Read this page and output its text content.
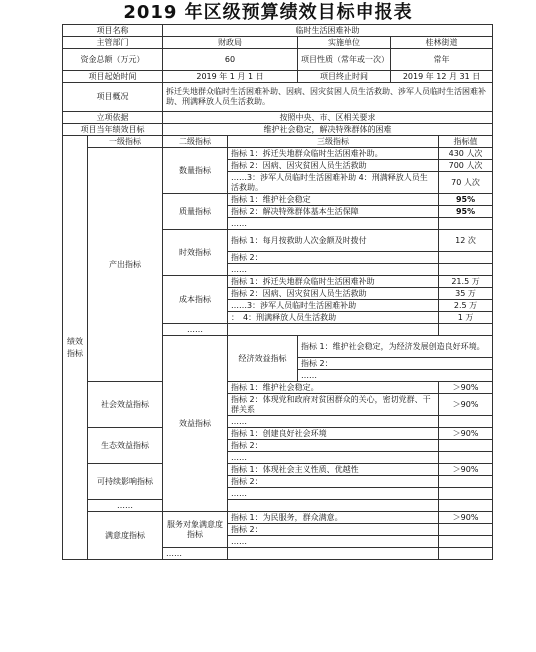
2019 年区级预算绩效目标申报表
项目名称		临时生活困难补助					
主管部门		财政局		实施单位	桂林街道		
资金总额（万元）		60		项目性质（常年或一次）	常年		
项目起始时间		2019 年 1 月 1 日		项目终止时间	2019 年 12 月 31 日		
项目概况		拆迁失地群众临时生活困难补助、因病、因灾贫困人员生活救助、涉军人员临时生活困难补助、刑满释放人员生活救助。					
立项依据		按照中央、市、区相关要求					
项目当年绩效目标		维护社会稳定，解决特殊群体的困难					
绩效指标	一级指标	二级指标	三级指标			指标值	
	产出指标	数量指标	指标 1：拆迁失地群众临时生活困难补助。			430 人次	
			指标 2：因病、因灾贫困人员生活救助			700 人次	
			……3：涉军人员临时生活困难补助 4：刑满释放人员生活救助。			70 人次	
		质量指标	指标 1：维护社会稳定			95%	
			指标 2：解决特殊群体基本生活保障			95%	
			……				
		时效指标	指标 1：每月按救助人次金额及时拨付			12 次	
			指标 2：				
			……				
		成本指标	指标 1：拆迁失地群众临时生活困难补助			21.5 万	
			指标 2：因病、因灾贫困人员生活救助			35 万	
			……3：涉军人员临时生活困难补助			2.5 万	
			：　4：刑满释放人员生活救助			1 万	
		……					
		效益指标	经济效益指标	指标 1：维护社会稳定，为经济发展创造良好环境。	
				指标 2：			
				……			
	社会效益指标		指标 1：维护社会稳定。			＞90%	
			指标 2：体现党和政府对贫困群众的关心，密切党群、干群关系			＞90%	
			……				
	生态效益指标		指标 1：创建良好社会环境			＞90%	
			指标 2：				
			……				
	可持续影响指标		指标 1：体现社会主义性质、优越性			＞90%	
			指标 2：				
			……				
	……						
	满意度指标	服务对象满意度指标	指标 1：为民服务，群众满意。			＞90%	
			指标 2：				
			……				
		……					
